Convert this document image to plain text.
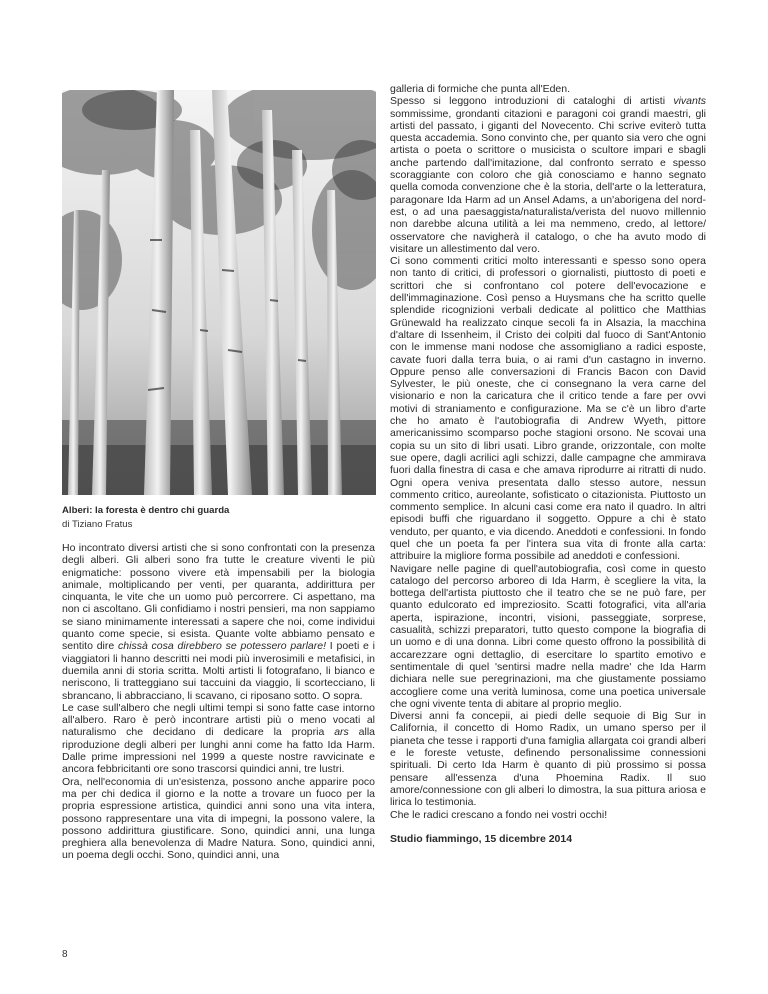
Alberi: la foresta è dentro chi guarda
di Tiziano Fratus

Ho incontrato diversi artisti che si sono confrontati con la presenza degli alberi. Gli alberi sono fra tutte le creature viventi le più enigmatiche: possono vivere età impensabili per la biologia animale, moltiplicando per venti, per quaranta, addirittura per cinquanta, le vite che un uomo può percorrere. Ci aspettano, ma non ci ascoltano. Gli confidiamo i nostri pensieri, ma non sappiamo se siano minimamente interessati a sapere che noi, come individui quanto come specie, si esista. Quante volte abbiamo pensato e sentito dire chissà cosa direbbero se potessero parlare! I poeti e i viaggiatori li hanno descritti nei modi più inverosimili e metafisici, in duemila anni di storia scritta. Molti artisti li fotografano, li bianco e neriscono, li tratteggiano sui taccuini da viaggio, li scortecciano, li sbrancano, li abbracciano, li scavano, ci riposano sotto. O sopra.

Le case sull'albero che negli ultimi tempi si sono fatte case intorno all'albero. Raro è però incontrare artisti più o meno vocati al naturalismo che decidano di dedicare la propria ars alla riproduzione degli alberi per lunghi anni come ha fatto Ida Harm. Dalle prime impressioni nel 1999 a queste nostre ravvicinate e ancora febbricitanti ore sono trascorsi quindici anni, tre lustri.

Ora, nell'economia di un'esistenza, possono anche apparire poco ma per chi dedica il giorno e la notte a trovare un fuoco per la propria espressione artistica, quindici anni sono una vita intera, possono rappresentare una vita di impegni, la possono valere, la possono addirittura giustificare. Sono, quindici anni, una lunga preghiera alla benevolenza di Madre Natura. Sono, quindici anni, un poema degli occhi. Sono, quindici anni, una

galleria di formiche che punta all'Eden.

Spesso si leggono introduzioni di cataloghi di artisti vivants sommissime, grondanti citazioni e paragoni coi grandi maestri, gli artisti del passato, i giganti del Novecento. Chi scrive eviterò tutta questa accademia. Sono convinto che, per quanto sia vero che ogni artista o poeta o scrittore o musicista o scultore impari e sbagli anche partendo dall'imitazione, dal confronto serrato e spesso scoraggiante con coloro che già conosciamo e hanno segnato quella comoda convenzione che è la storia, dell'arte o la letteratura, paragonare Ida Harm ad un Ansel Adams, a un'aborigena del nord-est, o ad una paesaggista/naturalista/verista del nuovo millennio non darebbe alcuna utilità a lei ma nemmeno, credo, al lettore/ osservatore che navigherà il catalogo, o che ha avuto modo di visitare un allestimento dal vero.

Ci sono commenti critici molto interessanti e spesso sono opera non tanto di critici, di professori o giornalisti, piuttosto di poeti e scrittori che si confrontano col potere dell'evocazione e dell'immaginazione. Così penso a Huysmans che ha scritto quelle splendide ricognizioni verbali dedicate al polittico che Matthias Grünewald ha realizzato cinque secoli fa in Alsazia, la macchina d'altare di Issenheim, il Cristo dei colpiti dal fuoco di Sant'Antonio con le immense mani nodose che assomigliano a radici esposte, cavate fuori dalla terra buia, o ai rami d'un castagno in inverno. Oppure penso alle conversazioni di Francis Bacon con David Sylvester, le più oneste, che ci consegnano la vera carne del visionario e non la caricatura che il critico tende a fare per ovvi motivi di straniamento e configurazione. Ma se c'è un libro d'arte che ho amato è l'autobiografia di Andrew Wyeth, pittore americanissimo scomparso poche stagioni orsono. Ne scovai una copia su un sito di libri usati. Libro grande, orizzontale, con molte sue opere, dagli acrilici agli schizzi, dalle campagne che ammirava fuori dalla finestra di casa e che amava riprodurre ai ritratti di nudo. Ogni opera veniva presentata dallo stesso autore, nessun commento critico, aureolante, sofisticato o citazionista. Piuttosto un commento semplice. In alcuni casi come era nato il quadro. In altri episodi buffi che riguardano il soggetto. Oppure a chi è stato venduto, per quanto, e via dicendo. Aneddoti e confessioni. In fondo quel che un poeta fa per l'intera sua vita di fronte alla carta: attribuire la migliore forma possibile ad aneddoti e confessioni.

Navigare nelle pagine di quell'autobiografia, così come in questo catalogo del percorso arboreo di Ida Harm, è scegliere la vita, la bottega dell'artista piuttosto che il teatro che se ne può fare, per quanto edulcorato ed impreziosito. Scatti fotografici, vita all'aria aperta, ispirazione, incontri, visioni, passeggiate, sorprese, casualità, schizzi preparatori, tutto questo compone la biografia di un uomo e di una donna. Libri come questo offrono la possibilità di accarezzare ogni dettaglio, di esercitare lo spartito emotivo e sentimentale di quel 'sentirsi madre nella madre' che Ida Harm dichiara nelle sue peregrinazioni, ma che giustamente possiamo accogliere come una verità luminosa, come una poetica universale che ogni vivente tenta di abitare al proprio meglio.

Diversi anni fa concepii, ai piedi delle sequoie di Big Sur in California, il concetto di Homo Radix, un umano sperso per il pianeta che tesse i rapporti d'una famiglia allargata coi grandi alberi e le foreste vetuste, definendo personalissime connessioni spirituali. Di certo Ida Harm è quanto di più prossimo si possa pensare all'essenza d'una Phoemina Radix. Il suo amore/connessione con gli alberi lo dimostra, la sua pittura ariosa e lirica lo testimonia.

Che le radici crescano a fondo nei vostri occhi!

Studio fiammingo, 15 dicembre 2014

8
